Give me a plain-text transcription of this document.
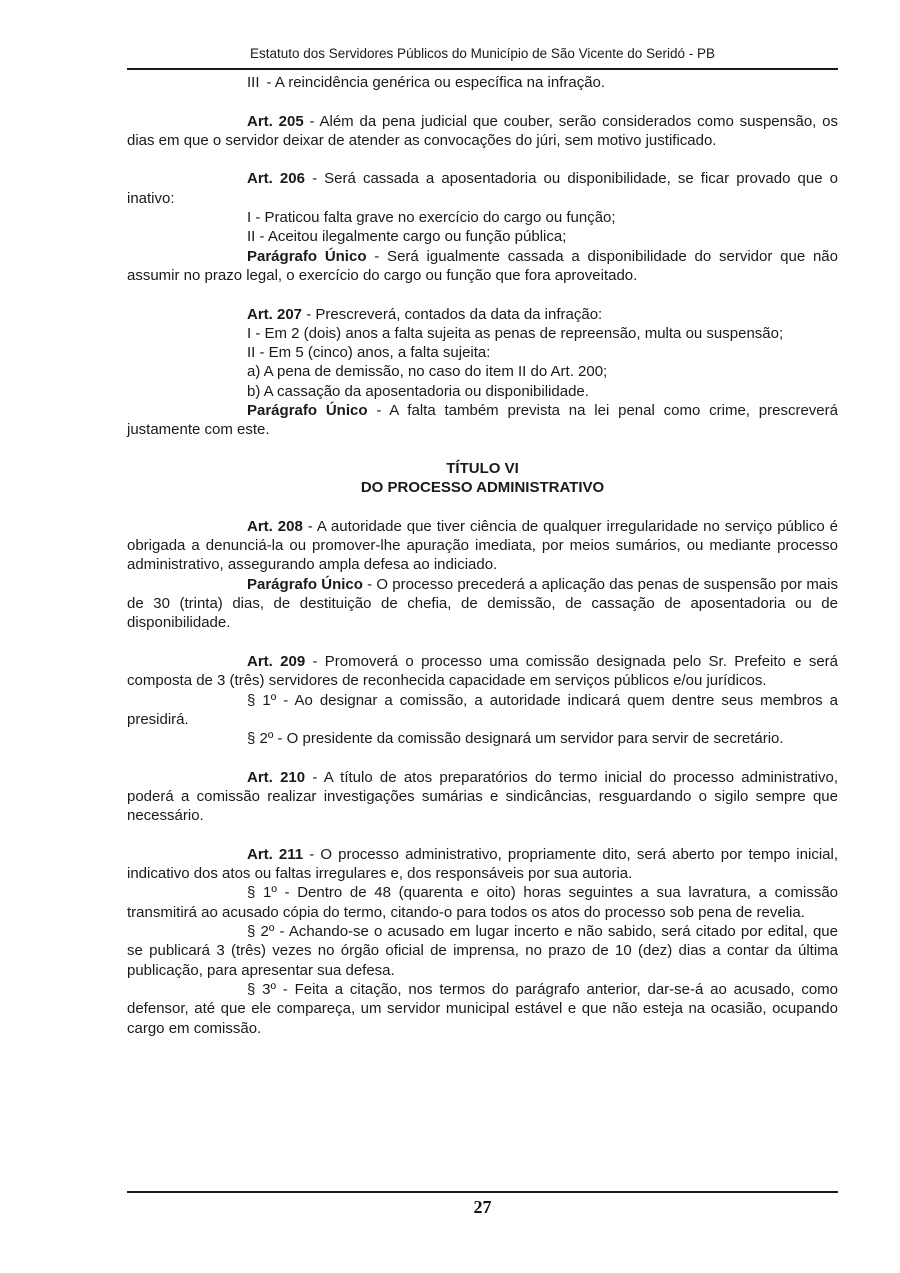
Estatuto dos Servidores Públicos do Município de São Vicente do Seridó - PB

III - A reincidência genérica ou específica na infração.

Art. 205 - Além da pena judicial que couber, serão considerados como suspensão, os dias em que o servidor deixar de atender as convocações do júri, sem motivo justificado.

Art. 206 - Será cassada a aposentadoria ou disponibilidade, se ficar provado que o inativo:

I - Praticou falta grave no exercício do cargo ou função;

II - Aceitou ilegalmente cargo ou função pública;

Parágrafo Único - Será igualmente cassada a disponibilidade do servidor que não assumir no prazo legal, o exercício do cargo ou função que fora aproveitado.

Art. 207 - Prescreverá, contados da data da infração:

I - Em 2 (dois) anos a falta sujeita as penas de repreensão, multa ou suspensão;

II - Em 5 (cinco) anos, a falta sujeita:

a) A pena de demissão, no caso do item II do Art. 200;

b) A cassação da aposentadoria ou disponibilidade.

Parágrafo Único - A falta também prevista na lei penal como crime, prescreverá justamente com este.

TÍTULO VI
DO PROCESSO ADMINISTRATIVO

Art. 208 - A autoridade que tiver ciência de qualquer irregularidade no serviço público é obrigada a denunciá-la ou promover-lhe apuração imediata, por meios sumários, ou mediante processo administrativo, assegurando ampla defesa ao indiciado.

Parágrafo Único - O processo precederá a aplicação das penas de suspensão por mais de 30 (trinta) dias, de destituição de chefia, de demissão, de cassação de aposentadoria ou de disponibilidade.

Art. 209 - Promoverá o processo uma comissão designada pelo Sr. Prefeito e será composta de 3 (três) servidores de reconhecida capacidade em serviços públicos e/ou jurídicos.

§ 1º - Ao designar a comissão, a autoridade indicará quem dentre seus membros a presidirá.

§ 2º - O presidente da comissão designará um servidor para servir de secretário.

Art. 210 - A título de atos preparatórios do termo inicial do processo administrativo, poderá a comissão realizar investigações sumárias e sindicâncias, resguardando o sigilo sempre que necessário.

Art. 211 - O processo administrativo, propriamente dito, será aberto por tempo inicial, indicativo dos atos ou faltas irregulares e, dos responsáveis por sua autoria.

§ 1º - Dentro de 48 (quarenta e oito) horas seguintes a sua lavratura, a comissão transmitirá ao acusado cópia do termo, citando-o para todos os atos do processo sob pena de revelia.

§ 2º - Achando-se o acusado em lugar incerto e não sabido, será citado por edital, que se publicará 3 (três) vezes no órgão oficial de imprensa, no prazo de 10 (dez) dias a contar da última publicação, para apresentar sua defesa.

§ 3º - Feita a citação, nos termos do parágrafo anterior, dar-se-á ao acusado, como defensor, até que ele compareça, um servidor municipal estável e que não esteja na ocasião, ocupando cargo em comissão.

27
